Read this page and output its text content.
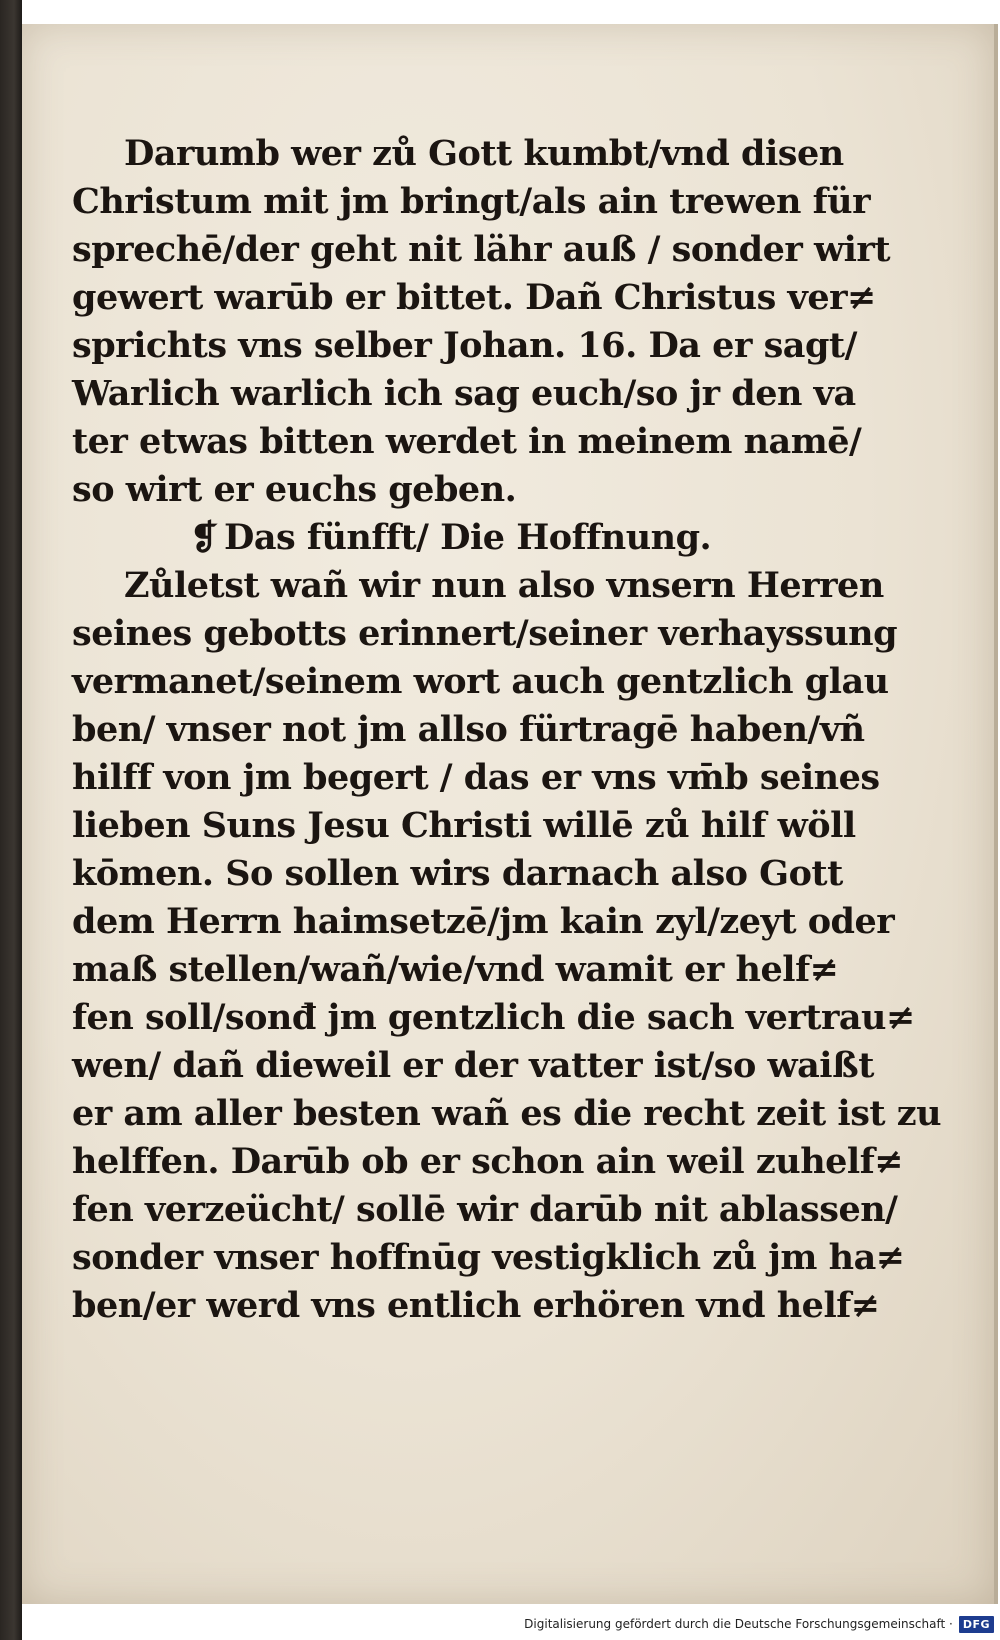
Darumb wer zů Gott kumbt/vnd disen
Christum mit jm bringt/als ain trewen für
sprechē/der geht nit lähr auß / sonder wirt
gewert warūb er bittet. Dañ Christus ver≠
sprichts vns selber Johan. 16. Da er sagt/
Warlich warlich ich sag euch/so jr den va
ter etwas bitten werdet in meinem namē/
so wirt er euchs geben.
❡ Das fünfft/ Die Hoffnung.
Zůletst wañ wir nun also vnsern Herren
seines gebotts erinnert/seiner verhayssung
vermanet/seinem wort auch gentzlich glau
ben/ vnser not jm allso fürtragē haben/vñ
hilff von jm begert / das er vns vm̄b seines
lieben Suns Jesu Christi willē zů hilf wöll
kōmen. So sollen wirs darnach also Gott
dem Herrn haimsetzē/jm kain zyl/zeyt oder
maß stellen/wañ/wie/vnd wamit er helf≠
fen soll/sonđ jm gentzlich die sach vertrau≠
wen/ dañ dieweil er der vatter ist/so waißt
er am aller besten wañ es die recht zeit ist zu
helffen. Darūb ob er schon ain weil zuhelf≠
fen verzeücht/ sollē wir darūb nit ablassen/
sonder vnser hoffnūg vestigklich zů jm ha≠
ben/er werd vns entlich erhören vnd helf≠
Digitalisierung gefördert durch die Deutsche Forschungsgemeinschaft · DFG
